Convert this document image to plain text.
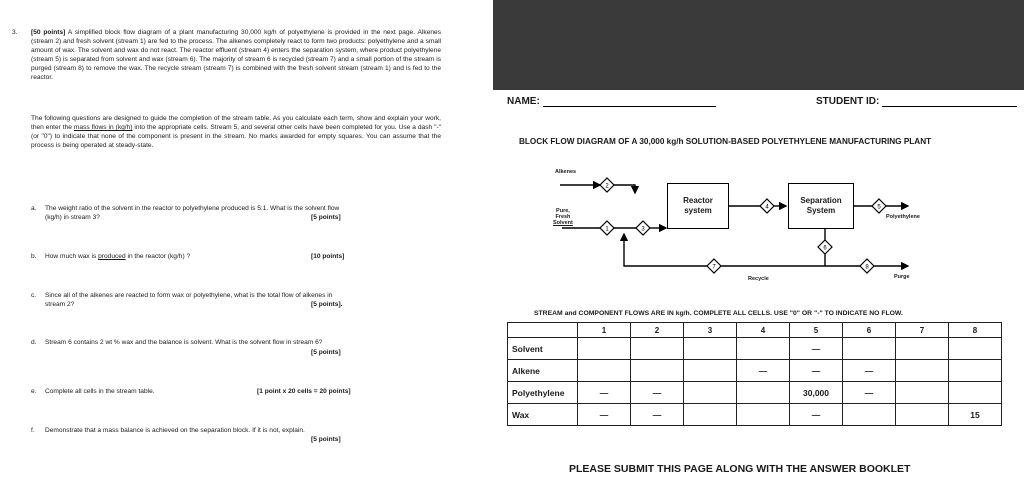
3. [50 points] A simplified block flow diagram of a plant manufacturing 30,000 kg/h of polyethylene is provided in the next page. Alkenes (stream 2) and fresh solvent (stream 1) are fed to the process. The alkenes completely react to form two products: polyethylene and a small amount of wax. The solvent and wax do not react. The reactor effluent (stream 4) enters the separation system, where product polyethylene (stream 5) is separated from solvent and wax (stream 6). The majority of stream 6 is recycled (stream 7) and a small portion of the stream is purged (stream 8) to remove the wax. The recycle stream (stream 7) is combined with the fresh solvent stream (stream 1) and is fed to the reactor.

The following questions are designed to guide the completion of the stream table. As you calculate each term, show and explain your work, then enter the mass flows in (kg/h) into the appropriate cells. Stream 5, and several other cells have been completed for you. Use a dash "-" (or "0") to indicate that none of the component is present in the stream. No marks awarded for empty squares. You can assume that the process is being operated at steady-state.

a. The weight ratio of the solvent in the reactor to polyethylene produced is 5:1. What is the solvent flow
(kg/h) in stream 3?	[5 points]
b. How much wax is produced in the reactor (kg/h) ?	[10 points]
c. Since all of the alkenes are reacted to form wax or polyethylene, what is the total flow of alkenes in
stream 2?	[5 points].
d. Stream 6 contains 2 wt % wax and the balance is solvent. What is the solvent flow in stream 6?
[5 points]
e. Complete all cells in the stream table.	[1 point x 20 cells = 20 points]
f. Demonstrate that a mass balance is achieved on the separation block. If it is not, explain.
[5 points]
NAME:	STUDENT ID:
BLOCK FLOW DIAGRAM OF A 30,000 kg/h SOLUTION-BASED POLYETHYLENE MANUFACTURING PLANT
2
1	3
4	5
6
7	8
Reactor
system
Separation
System
Alkenes
Pure, Fresh
Solvent
Polyethylene
Recycle	Purge
STREAM and COMPONENT FLOWS ARE IN kg/h. COMPLETE ALL CELLS. USE "0" OR "-" TO INDICATE NO FLOW.
	1	2	3	4	5	6	7	8
Solvent					—			
Alkene				—	—	—		
Polyethylene	—	—			30,000	—		
Wax	—	—			—			15
PLEASE SUBMIT THIS PAGE ALONG WITH THE ANSWER BOOKLET
